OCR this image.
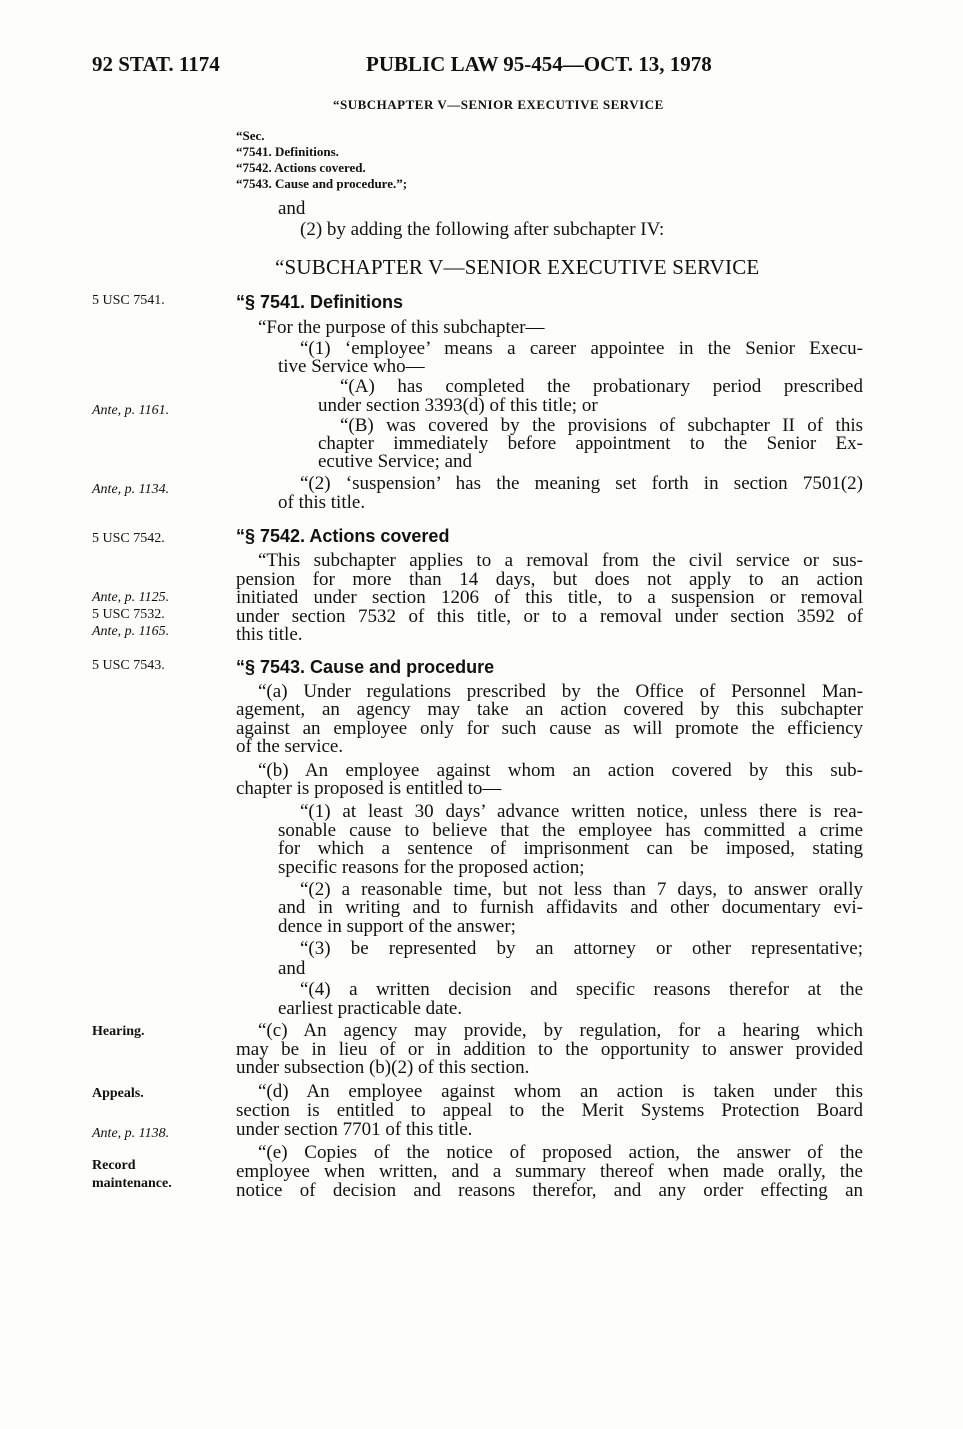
92 STAT. 1174	PUBLIC LAW 95-454—OCT. 13, 1978
“SUBCHAPTER V—SENIOR EXECUTIVE SERVICE
“Sec.
“7541. Definitions.
“7542. Actions covered.
“7543. Cause and procedure.”;
and
(2) by adding the following after subchapter IV:
“SUBCHAPTER V—SENIOR EXECUTIVE SERVICE
5 USC 7541.
Ante, p. 1161.
Ante, p. 1134.
5 USC 7542.
Ante, p. 1125.
5 USC 7532.
Ante, p. 1165.
5 USC 7543.
Hearing.
Appeals.
Ante, p. 1138.
Record
maintenance.
“§ 7541. Definitions
“For the purpose of this subchapter—
“(1) ‘employee’ means a career appointee in the Senior Execu-
tive Service who—
“(A) has completed the probationary period prescribed
under section 3393(d) of this title; or
“(B) was covered by the provisions of subchapter II of this
chapter immediately before appointment to the Senior Ex-
ecutive Service; and
“(2) ‘suspension’ has the meaning set forth in section 7501(2)
of this title.
“§ 7542. Actions covered
“This subchapter applies to a removal from the civil service or sus-
pension for more than 14 days, but does not apply to an action
initiated under section 1206 of this title, to a suspension or removal
under section 7532 of this title, or to a removal under section 3592 of
this title.
“§ 7543. Cause and procedure
“(a) Under regulations prescribed by the Office of Personnel Man-
agement, an agency may take an action covered by this subchapter
against an employee only for such cause as will promote the efficiency
of the service.
“(b) An employee against whom an action covered by this sub-
chapter is proposed is entitled to—
“(1) at least 30 days’ advance written notice, unless there is rea-
sonable cause to believe that the employee has committed a crime
for which a sentence of imprisonment can be imposed, stating
specific reasons for the proposed action;
“(2) a reasonable time, but not less than 7 days, to answer orally
and in writing and to furnish affidavits and other documentary evi-
dence in support of the answer;
“(3) be represented by an attorney or other representative;
and
“(4) a written decision and specific reasons therefor at the
earliest practicable date.
“(c) An agency may provide, by regulation, for a hearing which
may be in lieu of or in addition to the opportunity to answer provided
under subsection (b)(2) of this section.
“(d) An employee against whom an action is taken under this
section is entitled to appeal to the Merit Systems Protection Board
under section 7701 of this title.
“(e) Copies of the notice of proposed action, the answer of the
employee when written, and a summary thereof when made orally, the
notice of decision and reasons therefor, and any order effecting an
